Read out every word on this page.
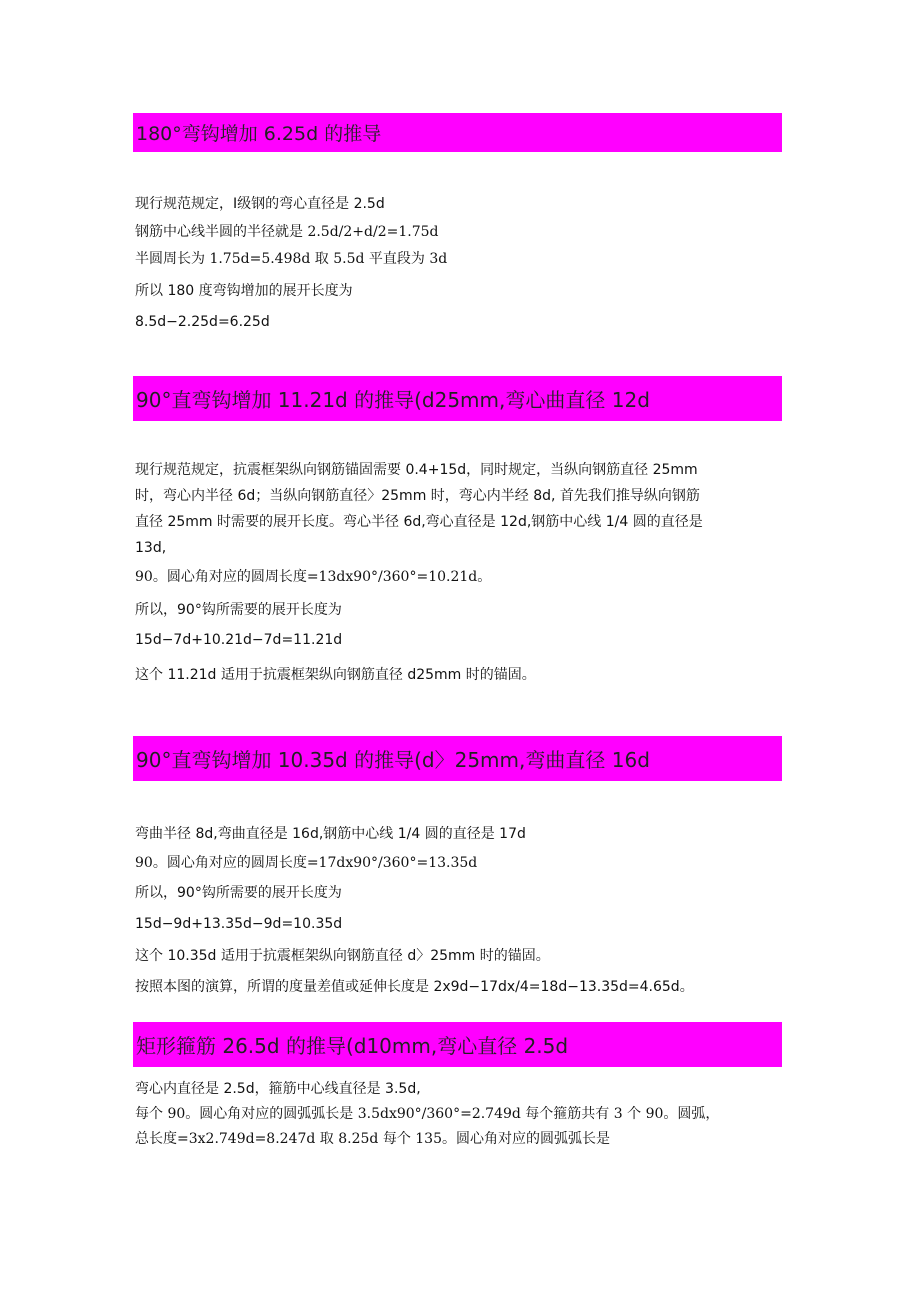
180°弯钩增加 6.25d 的推导
现行规范规定，Ⅰ级钢的弯心直径是 2.5d
钢筋中心线半圆的半径就是 2.5d/2+d/2=1.75d
半圆周长为 1.75d=5.498d 取 5.5d 平直段为 3d
所以 180 度弯钩增加的展开长度为
8.5d−2.25d=6.25d
90°直弯钩增加 11.21d 的推导(d25mm,弯心曲直径 12d
现行规范规定，抗震框架纵向钢筋锚固需要 0.4+15d，同时规定，当纵向钢筋直径 25mm
时，弯心内半径 6d；当纵向钢筋直径〉25mm 时，弯心内半经 8d, 首先我们推导纵向钢筋
直径 25mm 时需要的展开长度。弯心半径 6d,弯心直径是 12d,钢筋中心线 1/4 圆的直径是
13d,
90。圆心角对应的圆周长度=13dx90°/360°=10.21d。
所以，90°钩所需要的展开长度为
15d−7d+10.21d−7d=11.21d
这个 11.21d 适用于抗震框架纵向钢筋直径 d25mm 时的锚固。
90°直弯钩增加 10.35d 的推导(d〉25mm,弯曲直径 16d
弯曲半径 8d,弯曲直径是 16d,钢筋中心线 1/4 圆的直径是 17d
90。圆心角对应的圆周长度=17dx90°/360°=13.35d
所以，90°钩所需要的展开长度为
15d−9d+13.35d−9d=10.35d
这个 10.35d 适用于抗震框架纵向钢筋直径 d〉25mm 时的锚固。
按照本图的演算，所谓的度量差值或延伸长度是 2x9d−17dx/4=18d−13.35d=4.65d。
矩形箍筋 26.5d 的推导(d10mm,弯心直径 2.5d
弯心内直径是 2.5d，箍筋中心线直径是 3.5d,
每个 90。圆心角对应的圆弧弧长是 3.5dx90°/360°=2.749d 每个箍筋共有 3 个 90。圆弧，
总长度=3x2.749d=8.247d 取 8.25d 每个 135。圆心角对应的圆弧弧长是
